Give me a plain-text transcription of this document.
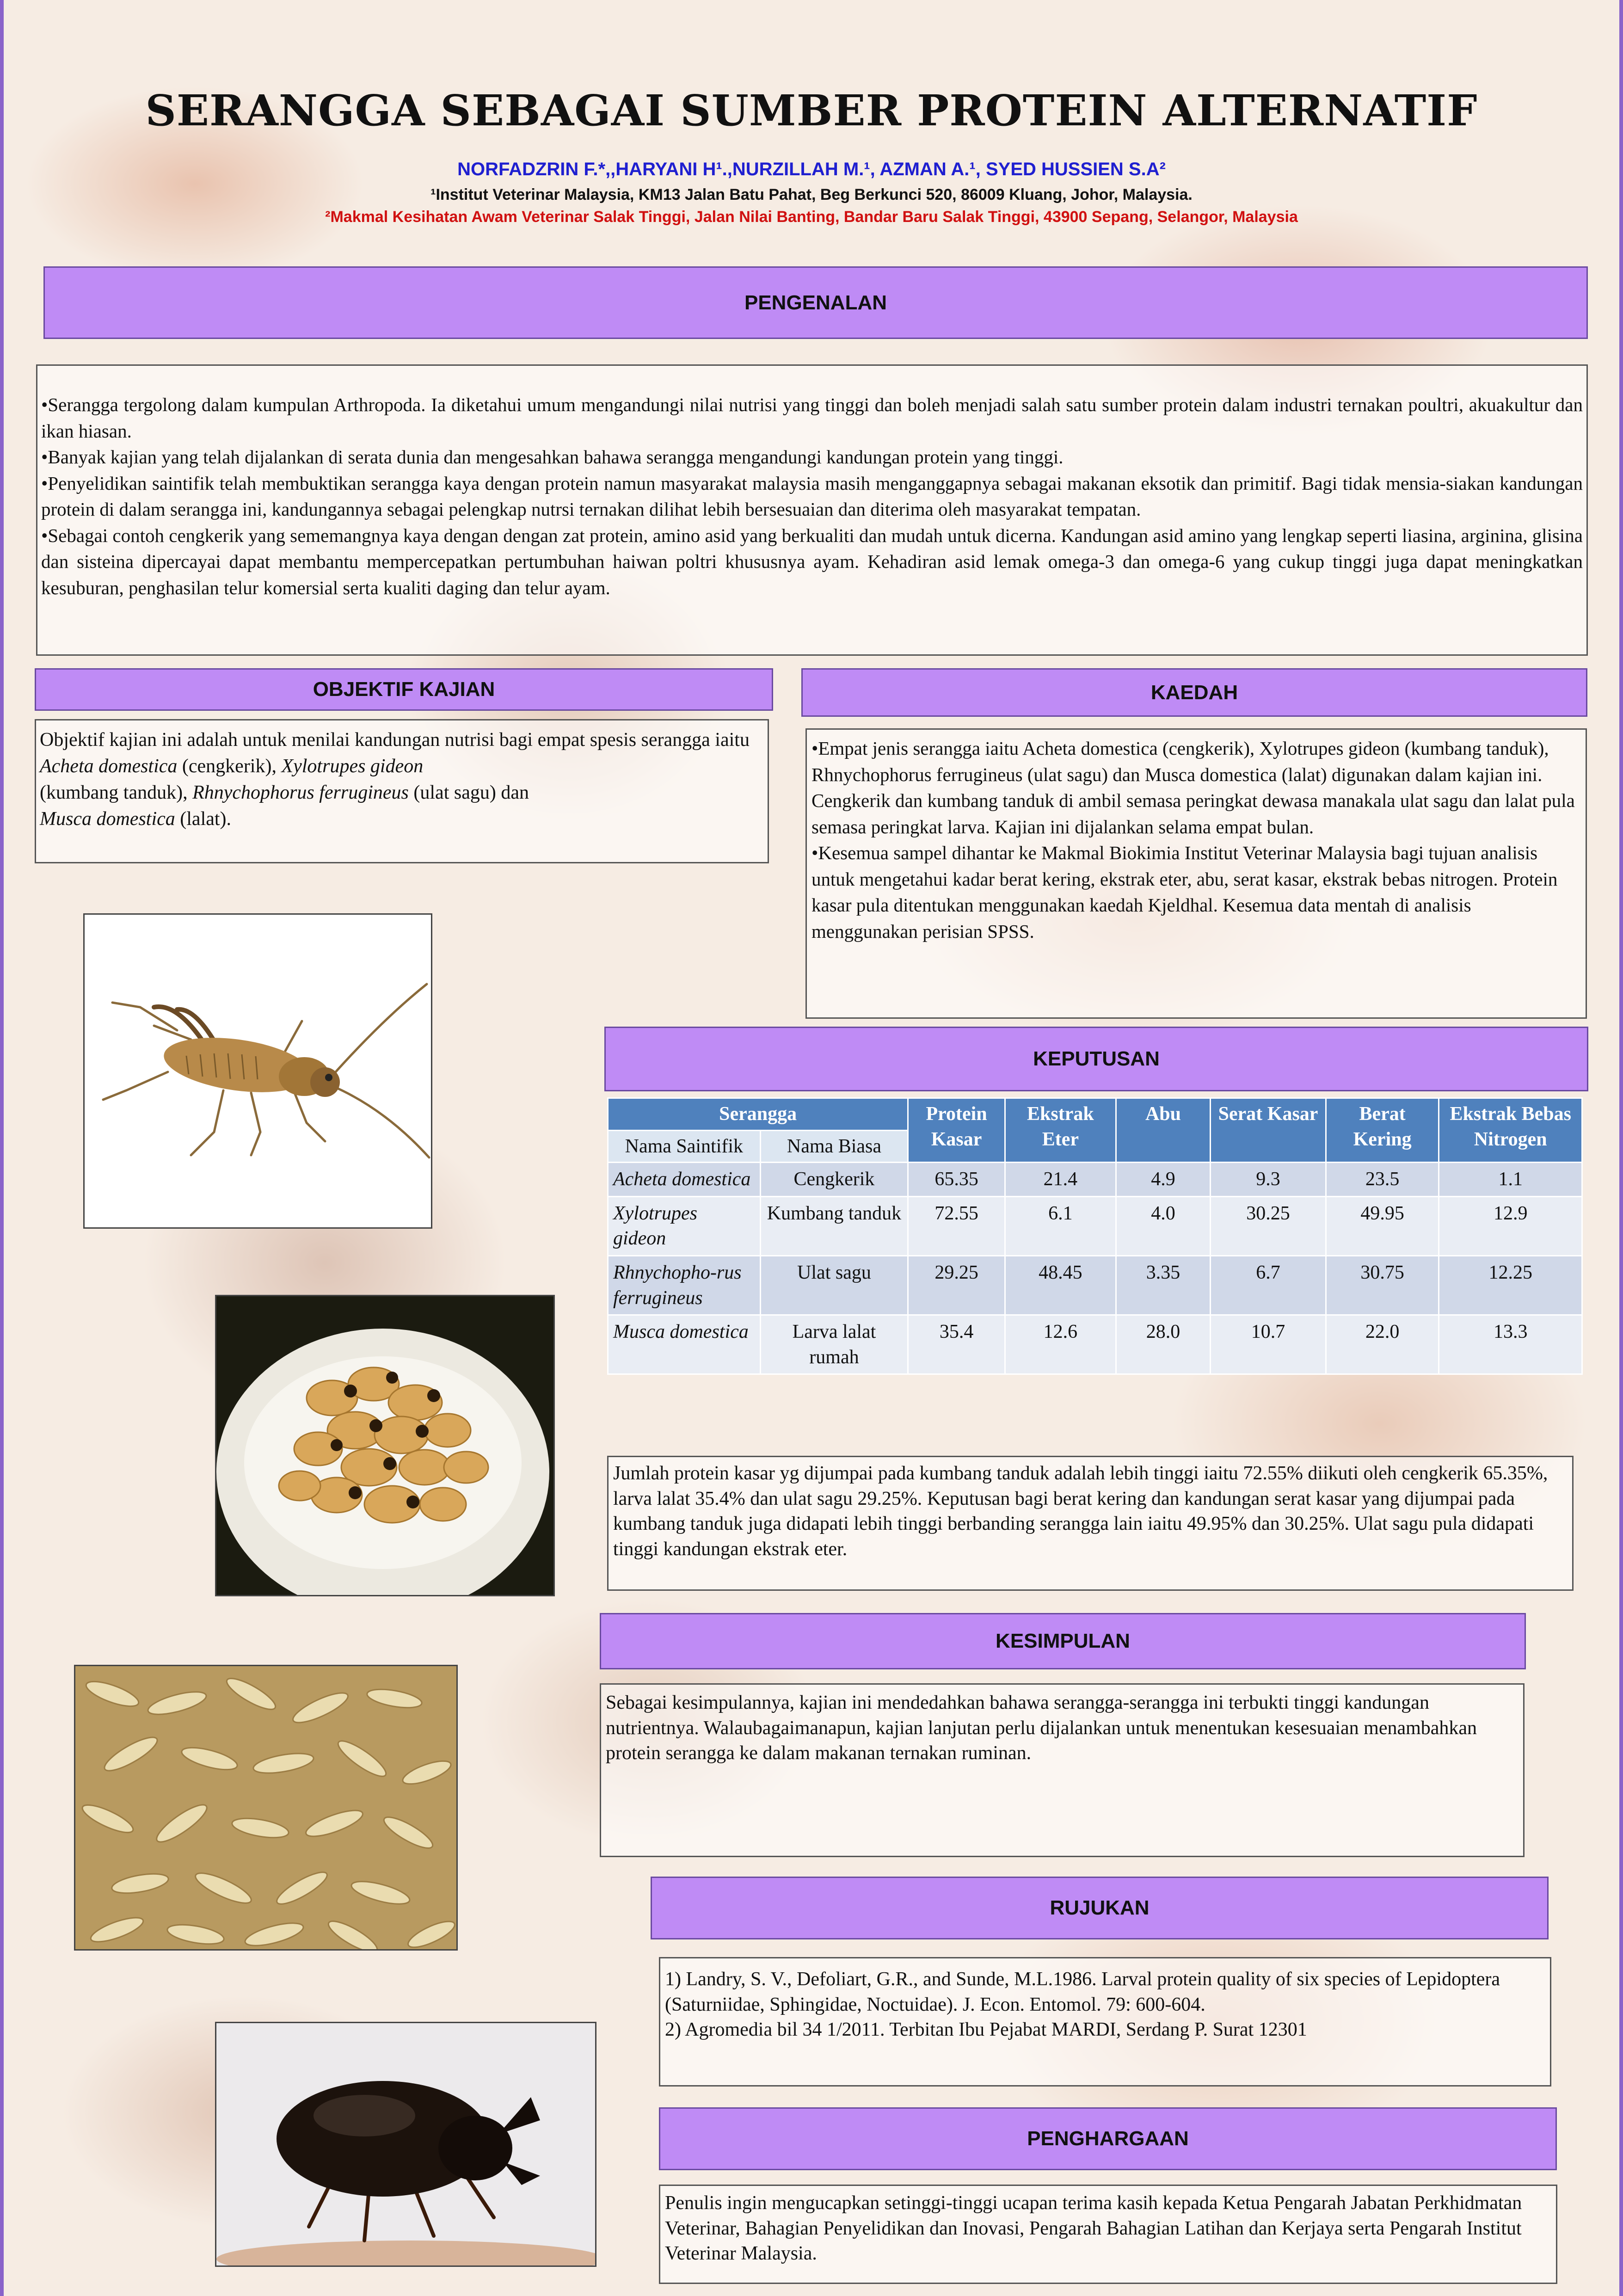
SERANGGA SEBAGAI SUMBER PROTEIN ALTERNATIF
NORFADZRIN F.*,,HARYANI H¹.,NURZILLAH M.¹, AZMAN A.¹, SYED HUSSIEN S.A²
¹Institut Veterinar Malaysia, KM13 Jalan Batu Pahat, Beg Berkunci 520, 86009 Kluang, Johor, Malaysia.
²Makmal Kesihatan Awam Veterinar Salak Tinggi, Jalan Nilai Banting, Bandar Baru Salak Tinggi, 43900 Sepang, Selangor, Malaysia
PENGENALAN

•Serangga tergolong dalam kumpulan Arthropoda. Ia diketahui umum mengandungi nilai nutrisi yang tinggi dan boleh menjadi salah satu sumber protein dalam industri ternakan poultri, akuakultur dan ikan hiasan.

•Banyak kajian yang telah dijalankan di serata dunia dan mengesahkan bahawa serangga mengandungi kandungan protein yang tinggi.

•Penyelidikan saintifik telah membuktikan serangga kaya dengan protein namun masyarakat malaysia masih menganggapnya sebagai makanan eksotik dan primitif. Bagi tidak mensia-siakan kandungan protein di dalam serangga ini, kandungannya sebagai pelengkap nutrsi ternakan dilihat lebih bersesuaian dan diterima oleh masyarakat tempatan.

•Sebagai contoh cengkerik yang sememangnya kaya dengan dengan zat protein, amino asid yang berkualiti dan mudah untuk dicerna. Kandungan asid amino yang lengkap seperti liasina, arginina, glisina dan sisteina dipercayai dapat membantu mempercepatkan pertumbuhan haiwan poltri khususnya ayam. Kehadiran asid lemak omega-3 dan omega-6 yang cukup tinggi juga dapat meningkatkan kesuburan, penghasilan telur komersial serta kualiti daging dan telur ayam.

OBJEKTIF KAJIAN

Objektif kajian ini adalah untuk menilai kandungan nutrisi bagi empat spesis serangga iaitu Acheta domestica (cengkerik), Xylotrupes gideon
(kumbang tanduk), Rhnychophorus ferrugineus (ulat sagu) dan
Musca domestica (lalat).

KAEDAH

•Empat jenis serangga iaitu Acheta domestica (cengkerik), Xylotrupes gideon (kumbang tanduk), Rhnychophorus ferrugineus (ulat sagu) dan Musca domestica (lalat) digunakan dalam kajian ini. Cengkerik dan kumbang tanduk di ambil semasa peringkat dewasa manakala ulat sagu dan lalat pula semasa peringkat larva. Kajian ini dijalankan selama empat bulan.

•Kesemua sampel dihantar ke Makmal Biokimia Institut Veterinar Malaysia bagi tujuan analisis untuk mengetahui kadar berat kering, ekstrak eter, abu, serat kasar, ekstrak bebas nitrogen. Protein kasar pula ditentukan menggunakan kaedah Kjeldhal. Kesemua data mentah di analisis menggunakan perisian SPSS.

KEPUTUSAN
Serangga		Protein Kasar	Ekstrak Eter	Abu	Serat Kasar	Berat Kering	Ekstrak Bebas Nitrogen
Nama Saintifik	Nama Biasa						
Acheta domestica	Cengkerik	65.35	21.4	4.9	9.3	23.5	1.1
Xylotrupes gideon	Kumbang tanduk	72.55	6.1	4.0	30.25	49.95	12.9
Rhnychopho-rus ferrugineus	Ulat sagu	29.25	48.45	3.35	6.7	30.75	12.25
Musca domestica	Larva lalat rumah	35.4	12.6	28.0	10.7	22.0	13.3

Jumlah protein kasar yg dijumpai pada kumbang tanduk adalah lebih tinggi iaitu 72.55% diikuti oleh cengkerik 65.35%, larva lalat 35.4% dan ulat sagu 29.25%. Keputusan bagi berat kering dan kandungan serat kasar yang dijumpai pada kumbang tanduk juga didapati lebih tinggi berbanding serangga lain iaitu 49.95% dan 30.25%. Ulat sagu pula didapati tinggi kandungan ekstrak eter.

KESIMPULAN

Sebagai kesimpulannya, kajian ini mendedahkan bahawa serangga-serangga ini terbukti tinggi kandungan nutrientnya. Walaubagaimanapun, kajian lanjutan perlu dijalankan untuk menentukan kesesuaian menambahkan protein serangga ke dalam makanan ternakan ruminan.

RUJUKAN

1) Landry, S. V., Defoliart, G.R., and Sunde, M.L.1986. Larval protein quality of six species of Lepidoptera (Saturniidae, Sphingidae, Noctuidae). J. Econ. Entomol. 79: 600-604.

2) Agromedia bil 34 1/2011. Terbitan Ibu Pejabat MARDI, Serdang P. Surat 12301

PENGHARGAAN

Penulis ingin mengucapkan setinggi-tinggi ucapan terima kasih kepada Ketua Pengarah Jabatan Perkhidmatan Veterinar, Bahagian Penyelidikan dan Inovasi, Pengarah Bahagian Latihan dan Kerjaya serta Pengarah Institut Veterinar Malaysia.
